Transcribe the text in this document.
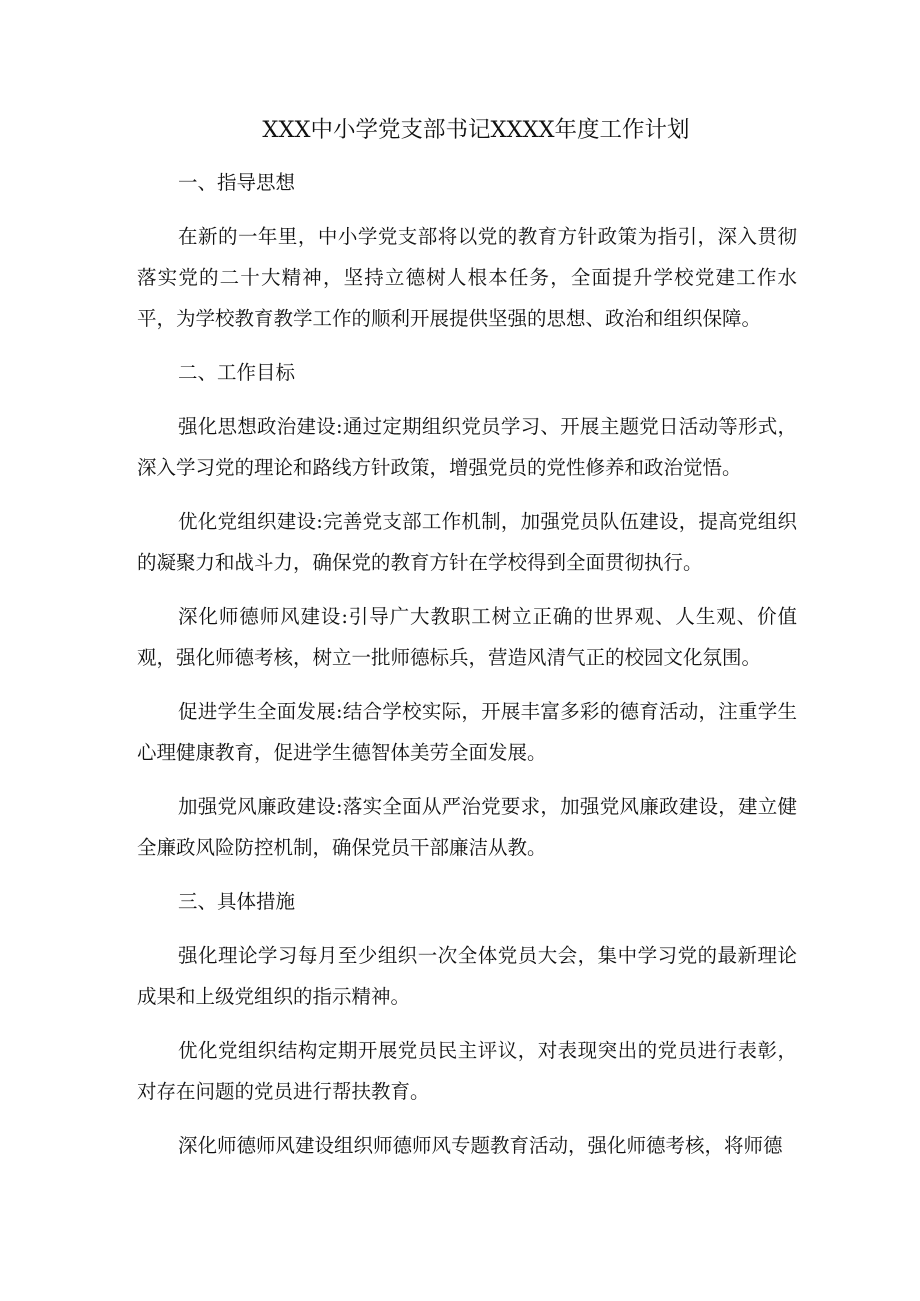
XXX中小学党支部书记XXXX年度工作计划

一、指导思想

在新的一年里，中小学党支部将以党的教育方针政策为指引，深入贯彻落实党的二十大精神，坚持立德树人根本任务，全面提升学校党建工作水平，为学校教育教学工作的顺利开展提供坚强的思想、政治和组织保障。

二、工作目标

强化思想政治建设:通过定期组织党员学习、开展主题党日活动等形式，深入学习党的理论和路线方针政策，增强党员的党性修养和政治觉悟。

优化党组织建设:完善党支部工作机制，加强党员队伍建设，提高党组织的凝聚力和战斗力，确保党的教育方针在学校得到全面贯彻执行。

深化师德师风建设:引导广大教职工树立正确的世界观、人生观、价值观，强化师德考核，树立一批师德标兵，营造风清气正的校园文化氛围。

促进学生全面发展:结合学校实际，开展丰富多彩的德育活动，注重学生心理健康教育，促进学生德智体美劳全面发展。

加强党风廉政建设:落实全面从严治党要求，加强党风廉政建设，建立健全廉政风险防控机制，确保党员干部廉洁从教。

三、具体措施

强化理论学习每月至少组织一次全体党员大会，集中学习党的最新理论成果和上级党组织的指示精神。

优化党组织结构定期开展党员民主评议，对表现突出的党员进行表彰，对存在问题的党员进行帮扶教育。

深化师德师风建设组织师德师风专题教育活动，强化师德考核，将师德
